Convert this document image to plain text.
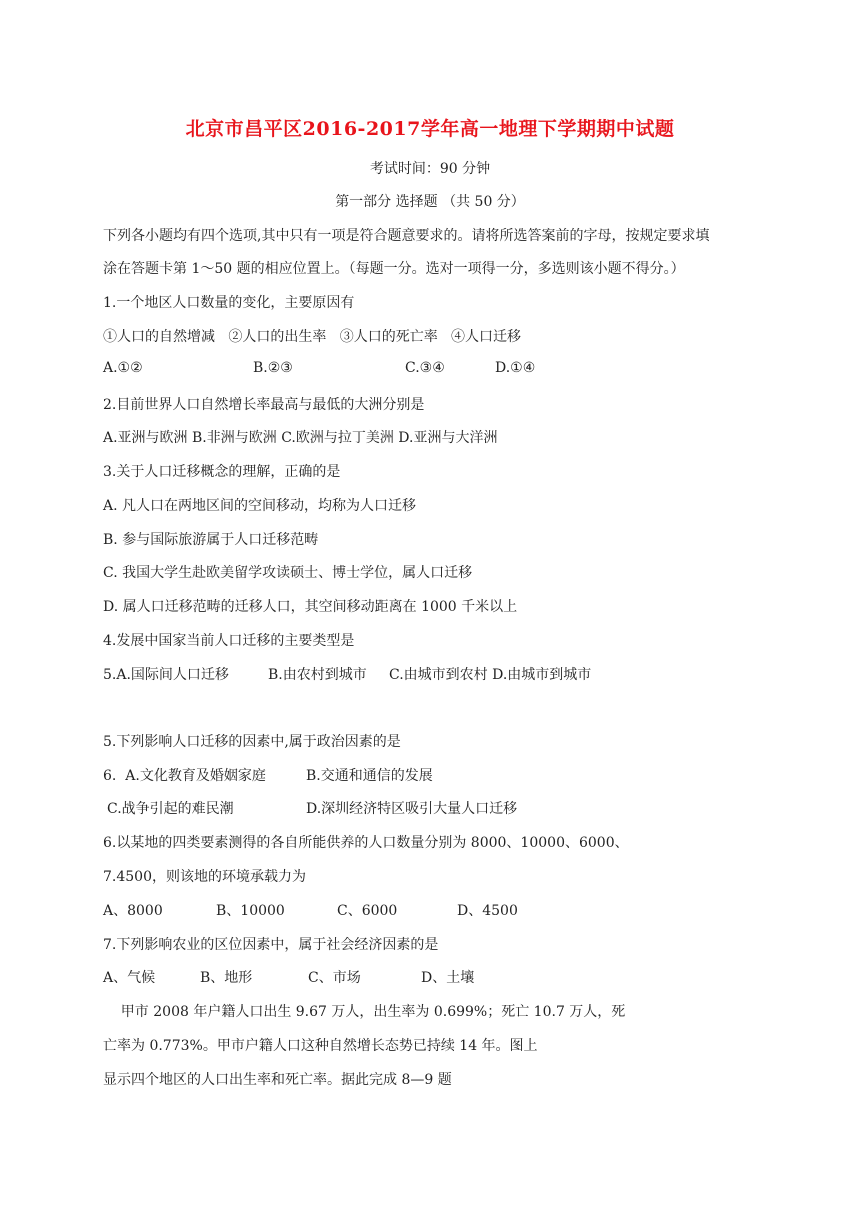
北京市昌平区2016-2017学年高一地理下学期期中试题
考试时间：90 分钟
第一部分 选择题 （共 50 分）
下列各小题均有四个选项,其中只有一项是符合题意要求的。请将所选答案前的字母，按规定要求填
涂在答题卡第 1～50 题的相应位置上。（每题一分。选对一项得一分，多选则该小题不得分。）
1.一个地区人口数量的变化，主要原因有
①人口的自然增减   ②人口的出生率   ③人口的死亡率   ④人口迁移
A.①②	B.②③	C.③④	D.①④
2.目前世界人口自然增长率最高与最低的大洲分别是
A.亚洲与欧洲 B.非洲与欧洲 C.欧洲与拉丁美洲 D.亚洲与大洋洲
3.关于人口迁移概念的理解，正确的是
A. 凡人口在两地区间的空间移动，均称为人口迁移
B. 参与国际旅游属于人口迁移范畴
C. 我国大学生赴欧美留学攻读硕士、博士学位，属人口迁移
D. 属人口迁移范畴的迁移人口，其空间移动距离在 1000 千米以上
4.发展中国家当前人口迁移的主要类型是
5.A.国际间人口迁移	B.由农村到城市 C.由城市到农村 D.由城市到城市
5.下列影响人口迁移的因素中,属于政治因素的是
6.  A.文化教育及婚姻家庭	B.交通和通信的发展
C.战争引起的难民潮	D.深圳经济特区吸引大量人口迁移
6.以某地的四类要素测得的各自所能供养的人口数量分别为 8000、10000、6000、
7.4500，则该地的环境承载力为
A、8000	B、10000	C、6000	D、4500
7.下列影响农业的区位因素中，属于社会经济因素的是
A、气候	B、地形	C、市场	D、土壤
甲市 2008 年户籍人口出生 9.67 万人，出生率为 0.699%；死亡 10.7 万人，死
亡率为 0.773%。甲市户籍人口这种自然增长态势已持续 14 年。图上
显示四个地区的人口出生率和死亡率。据此完成 8—9 题
